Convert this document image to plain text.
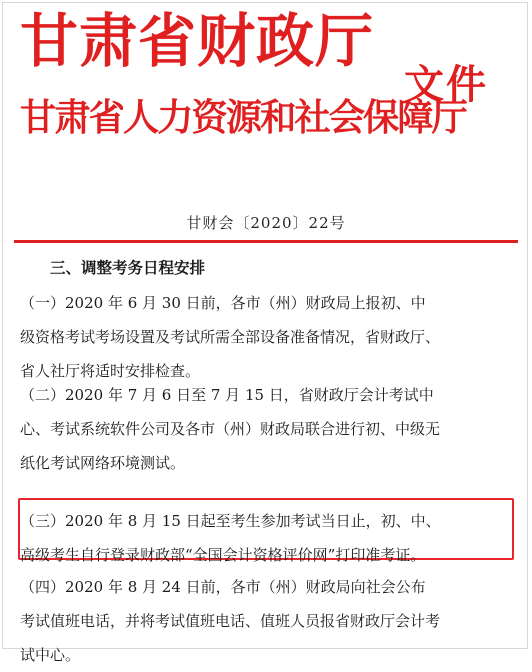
甘肃省财政厅
甘肃省人力资源和社会保障厅
文件
甘财会〔2020〕22号
三、调整考务日程安排
（一）2020 年 6 月 30 日前，各市（州）财政局上报初、中
级资格考试考场设置及考试所需全部设备准备情况，省财政厅、
省人社厅将适时安排检查。
（二）2020 年 7 月 6 日至 7 月 15 日，省财政厅会计考试中
心、考试系统软件公司及各市（州）财政局联合进行初、中级无
纸化考试网络环境测试。
（三）2020 年 8 月 15 日起至考生参加考试当日止，初、中、
高级考生自行登录财政部“全国会计资格评价网”打印准考证。
（四）2020 年 8 月 24 日前，各市（州）财政局向社会公布
考试值班电话，并将考试值班电话、值班人员报省财政厅会计考
试中心。
